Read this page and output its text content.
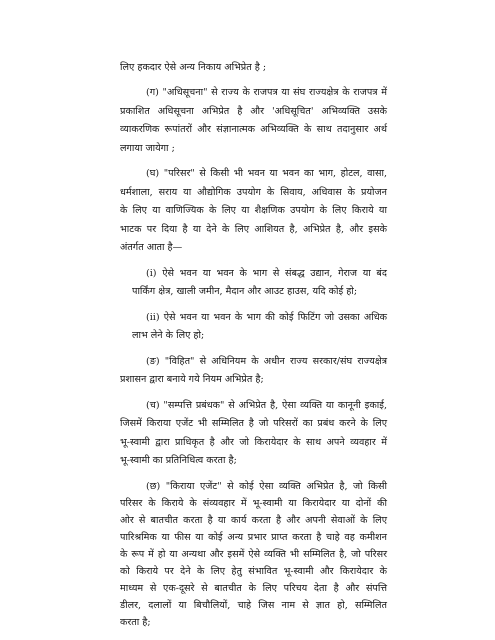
लिए हकदार ऐसे अन्य निकाय अभिप्रेत है ;

(ग) "अधिसूचना" से राज्य के राजपत्र या संघ राज्यक्षेत्र के राजपत्र में

प्रकाशित अधिसूचना अभिप्रेत है और 'अधिसूचित' अभिव्यक्ति उसके

व्याकरणिक रूपांतरों और संज्ञानात्मक अभिव्यक्ति के साथ तदानुसार अर्थ

लगाया जायेगा ;

(घ) "परिसर" से किसी भी भवन या भवन का भाग, होटल, वासा,

धर्मशाला, सराय या औद्योगिक उपयोग के सिवाय, अधिवास के प्रयोजन

के लिए या वाणिज्यिक के लिए या शैक्षणिक उपयोग के लिए किराये या

भाटक पर दिया है या देने के लिए आशियत है, अभिप्रेत है, और इसके

अंतर्गत आता है—

(i) ऐसे भवन या भवन के भाग से संबद्ध उद्यान, गेराज या बंद

पार्किंग क्षेत्र, खाली जमीन, मैदान और आउट हाउस, यदि कोई हो;

(ii) ऐसे भवन या भवन के भाग की कोई फिटिंग जो उसका अधिक

लाभ लेने के लिए हो;

(ङ) "विहित" से अधिनियम के अधीन राज्य सरकार/संघ राज्यक्षेत्र

प्रशासन द्वारा बनाये गये नियम अभिप्रेत है;

(च) "सम्पत्ति प्रबंधक" से अभिप्रेत है, ऐसा व्यक्ति या कानूनी इकाई,

जिसमें किराया एजेंट भी सम्मिलित है जो परिसरों का प्रबंध करने के लिए

भू-स्वामी द्वारा प्राधिकृत है और जो किरायेदार के साथ अपने व्यवहार में

भू-स्वामी का प्रतिनिधित्व करता है;

(छ) "किराया एजेंट" से कोई ऐसा व्यक्ति अभिप्रेत है, जो किसी

परिसर के किराये के संव्यवहार में भू-स्वामी या किरायेदार या दोनों की

ओर से बातचीत करता है या कार्य करता है और अपनी सेवाओं के लिए

पारिश्रमिक या फीस या कोई अन्य प्रभार प्राप्त करता है चाहे वह कमीशन

के रूप में हो या अन्यथा और इसमें ऐसे व्यक्ति भी सम्मिलित है, जो परिसर

को किराये पर देने के लिए हेतु संभावित भू-स्वामी और किरायेदार के

माध्यम से एक-दूसरे से बातचीत के लिए परिचय देता है और संपत्ति

डीलर, दलालों या बिचौलियों, चाहे जिस नाम से ज्ञात हो, सम्मिलित

करता है;
